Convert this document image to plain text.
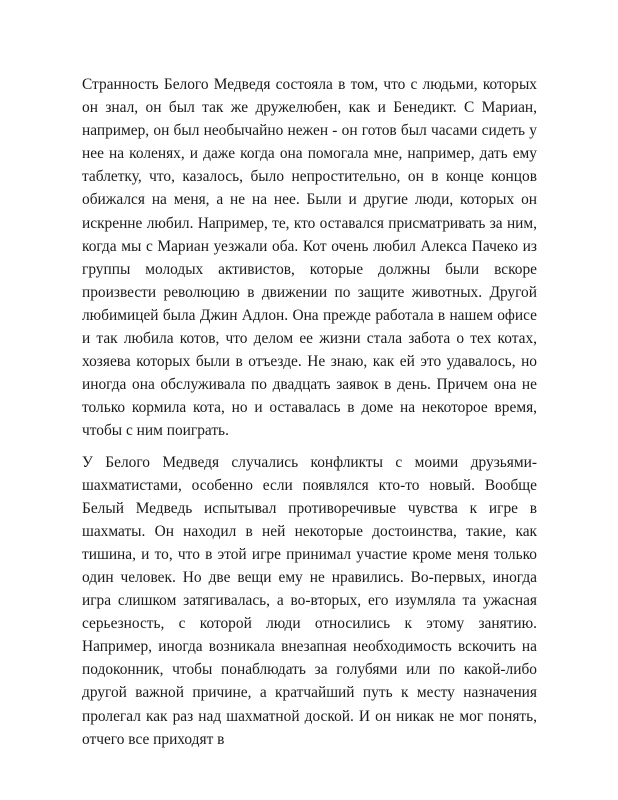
Странность Белого Медведя состояла в том, что с людьми, которых он знал, он был так же дружелюбен, как и Бенедикт. С Мариан, например, он был необычайно нежен - он готов был часами сидеть у нее на коленях, и даже когда она помогала мне, например, дать ему таблетку, что, казалось, было непростительно, он в конце концов обижался на меня, а не на нее. Были и другие люди, которых он искренне любил. Например, те, кто оставался присматривать за ним, когда мы с Мариан уезжали оба. Кот очень любил Алекса Пачеко из группы молодых активистов, которые должны были вскоре произвести революцию в движении по защите животных. Другой любимицей была Джин Адлон. Она прежде работала в нашем офисе и так любила котов, что делом ее жизни стала забота о тех котах, хозяева которых были в отъезде. Не знаю, как ей это удавалось, но иногда она обслуживала по двадцать заявок в день. Причем она не только кормила кота, но и оставалась в доме на некоторое время, чтобы с ним поиграть.

У Белого Медведя случались конфликты с моими друзьями-шахматистами, особенно если появлялся кто-то новый. Вообще Белый Медведь испытывал противоречивые чувства к игре в шахматы. Он находил в ней некоторые достоинства, такие, как тишина, и то, что в этой игре принимал участие кроме меня только один человек. Но две вещи ему не нравились. Во-первых, иногда игра слишком затягивалась, а во-вторых, его изумляла та ужасная серьезность, с которой люди относились к этому занятию. Например, иногда возникала внезапная необходимость вскочить на подоконник, чтобы понаблюдать за голубями или по какой-либо другой важной причине, а кратчайший путь к месту назначения пролегал как раз над шахматной доской. И он никак не мог понять, отчего все приходят в
